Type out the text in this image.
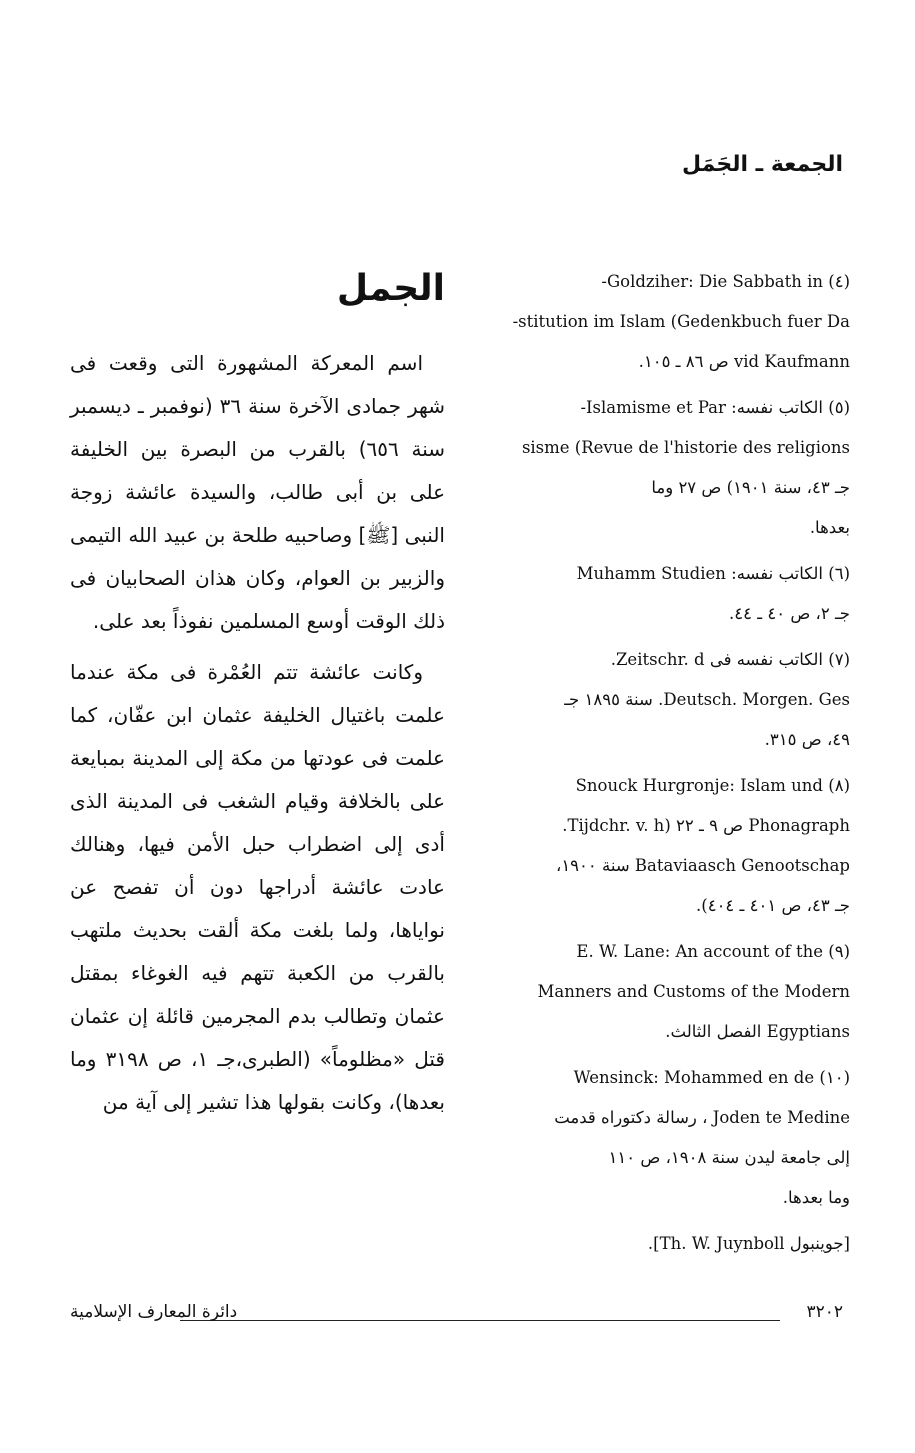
الجمعة ـ الجَمَل
الجمل

اسم المعركة المشهورة التى وقعت فى شهر جمادى الآخرة سنة ٣٦ (نوفمبر ـ ديسمبر سنة ٦٥٦) بالقرب من البصرة بين الخليفة على بن أبى طالب، والسيدة عائشة زوجة النبى [ﷺ] وصاحبيه طلحة بن عبيد الله التيمى والزبير بن العوام، وكان هذان الصحابيان فى ذلك الوقت أوسع المسلمين نفوذاً بعد على.

وكانت عائشة تتم العُمْرة فى مكة عندما علمت باغتيال الخليفة عثمان ابن عفّان، كما علمت فى عودتها من مكة إلى المدينة بمبايعة على بالخلافة وقيام الشغب فى المدينة الذى أدى إلى اضطراب حبل الأمن فيها، وهنالك عادت عائشة أدراجها دون أن تفصح عن نواياها، ولما بلغت مكة ألقت بحديث ملتهب بالقرب من الكعبة تتهم فيه الغوغاء بمقتل عثمان وتطالب بدم المجرمين قائلة إن عثمان قتل «مظلوماً» (الطبرى،جـ ١، ص ٣١٩٨ وما بعدها)، وكانت بقولها هذا تشير إلى آية من

(٤) Goldziher: Die Sabbath in-
stitution im Islam (Gedenkbuch fuer Da-
vid Kaufmann ص ٨٦ ـ ١٠٥.
(٥) الكاتب نفسه: Islamisme et Par-
sisme (Revue de l'historie des religions
جـ ٤٣، سنة ١٩٠١) ص ٢٧ وما
بعدها.
(٦) الكاتب نفسه: Muhamm Studien
جـ ٢، ص ٤٠ ـ ٤٤.
(٧) الكاتب نفسه فى Zeitschr. d.
Deutsch. Morgen. Ges. سنة ١٨٩٥ جـ
٤٩، ص ٣١٥.
(٨) Snouck Hurgronje: Islam und
Phonagraph ص ٩ ـ ٢٢ (Tijdchr. v. h.
Bataviaasch Genootschap سنة ١٩٠٠،
جـ ٤٣، ص ٤٠١ ـ ٤٠٤).
(٩) E. W. Lane: An account of the
Manners and Customs of the Modern
Egyptians الفصل الثالث.
(١٠) Wensinck: Mohammed en de
Joden te Medine ، رسالة دكتوراه قدمت
إلى جامعة ليدن سنة ١٩٠٨، ص ١١٠
وما بعدها.
[جوينبول Th. W. Juynboll].
دائرة المعارف الإسلامية	٣٢٠٢
